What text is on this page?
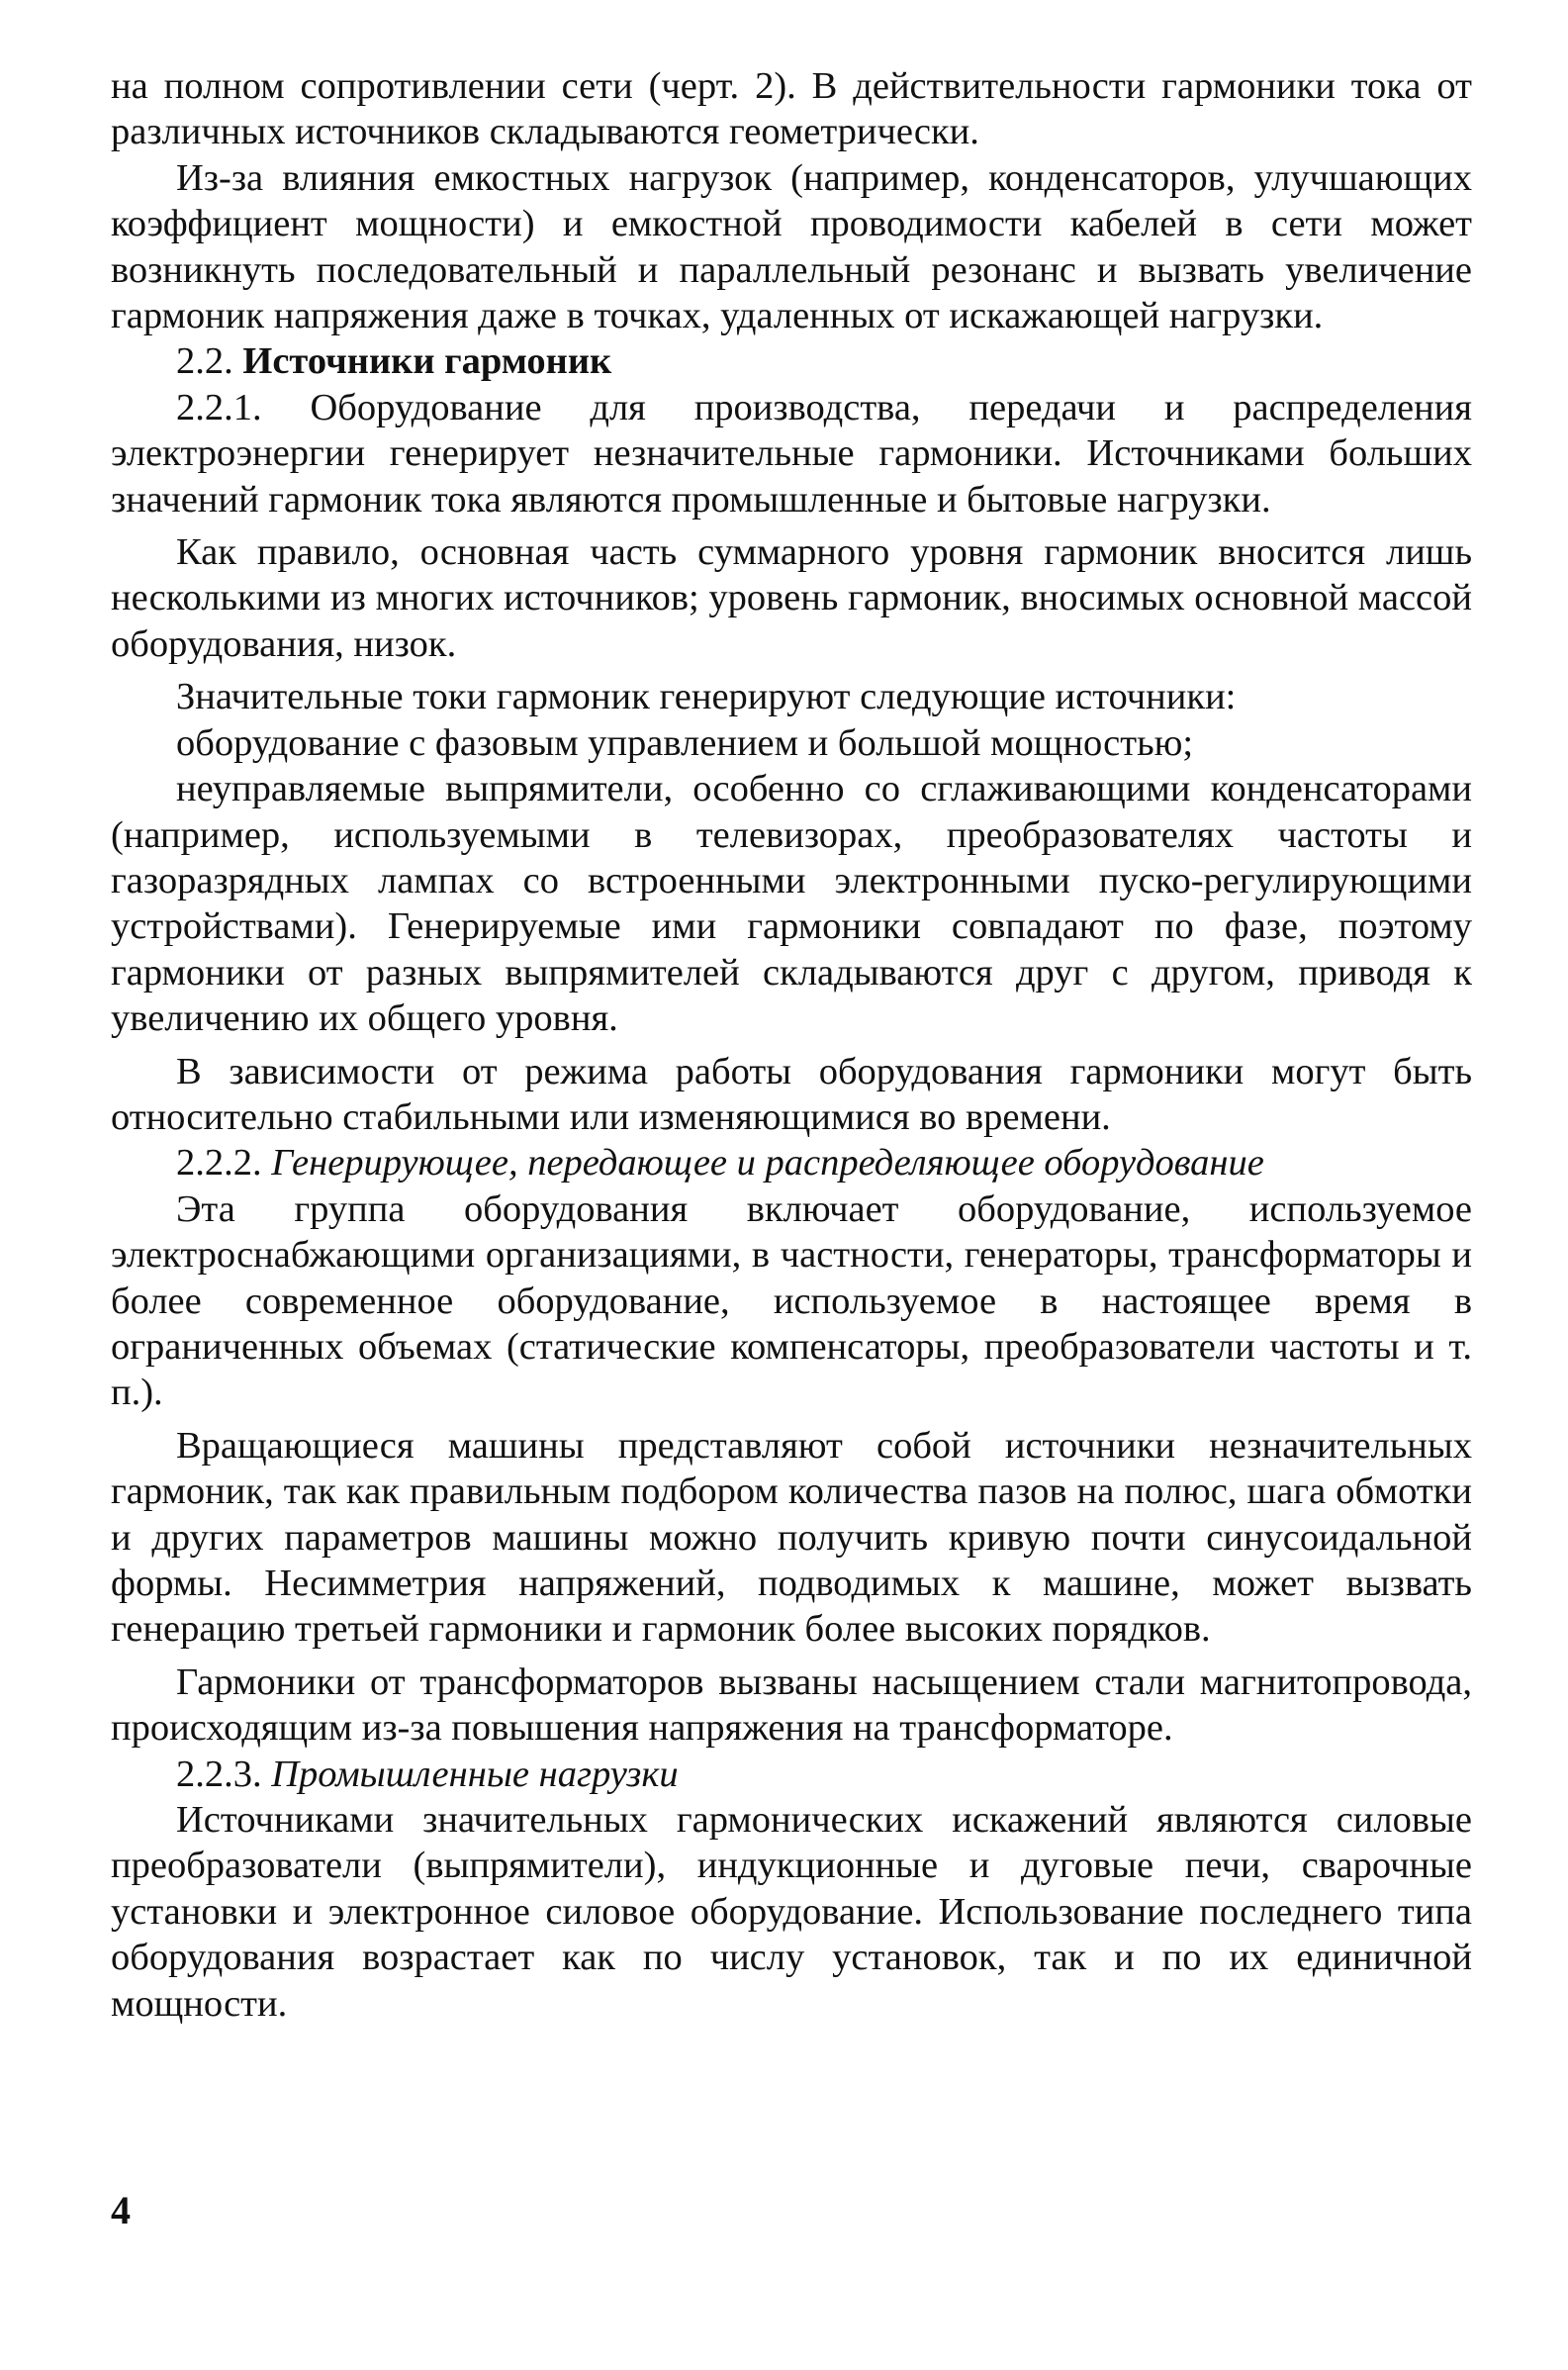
на полном сопротивлении сети (черт. 2). В действительности гармоники тока от различных источников складываются геометрически.

Из-за влияния емкостных нагрузок (например, конденсаторов, улучшающих коэффициент мощности) и емкостной проводимости кабелей в сети может возникнуть последовательный и параллельный резонанс и вызвать увеличение гармоник напряжения даже в точках, удаленных от искажающей нагрузки.

2.2. Источники гармоник

2.2.1. Оборудование для производства, передачи и распределения электроэнергии генерирует незначительные гармоники. Источниками больших значений гармоник тока являются промышленные и бытовые нагрузки.

Как правило, основная часть суммарного уровня гармоник вносится лишь несколькими из многих источников; уровень гармоник, вносимых основной массой оборудования, низок.

Значительные токи гармоник генерируют следующие источники:

оборудование с фазовым управлением и большой мощностью;

неуправляемые выпрямители, особенно со сглаживающими конденсаторами (например, используемыми в телевизорах, преобразователях частоты и газоразрядных лампах со встроенными электронными пуско-регулирующими устройствами). Генерируемые ими гармоники совпадают по фазе, поэтому гармоники от разных выпрямителей складываются друг с другом, приводя к увеличению их общего уровня.

В зависимости от режима работы оборудования гармоники могут быть относительно стабильными или изменяющимися во времени.

2.2.2. Генерирующее, передающее и распределяющее оборудование

Эта группа оборудования включает оборудование, используемое электроснабжающими организациями, в частности, генераторы, трансформаторы и более современное оборудование, используемое в настоящее время в ограниченных объемах (статические компенсаторы, преобразователи частоты и т. п.).

Вращающиеся машины представляют собой источники незначительных гармоник, так как правильным подбором количества пазов на полюс, шага обмотки и других параметров машины можно получить кривую почти синусоидальной формы. Несимметрия напряжений, подводимых к машине, может вызвать генерацию третьей гармоники и гармоник более высоких порядков.

Гармоники от трансформаторов вызваны насыщением стали магнитопровода, происходящим из-за повышения напряжения на трансформаторе.

2.2.3. Промышленные нагрузки

Источниками значительных гармонических искажений являются силовые преобразователи (выпрямители), индукционные и дуговые печи, сварочные установки и электронное силовое оборудование. Использование последнего типа оборудования возрастает как по числу установок, так и по их единичной мощности.

4
